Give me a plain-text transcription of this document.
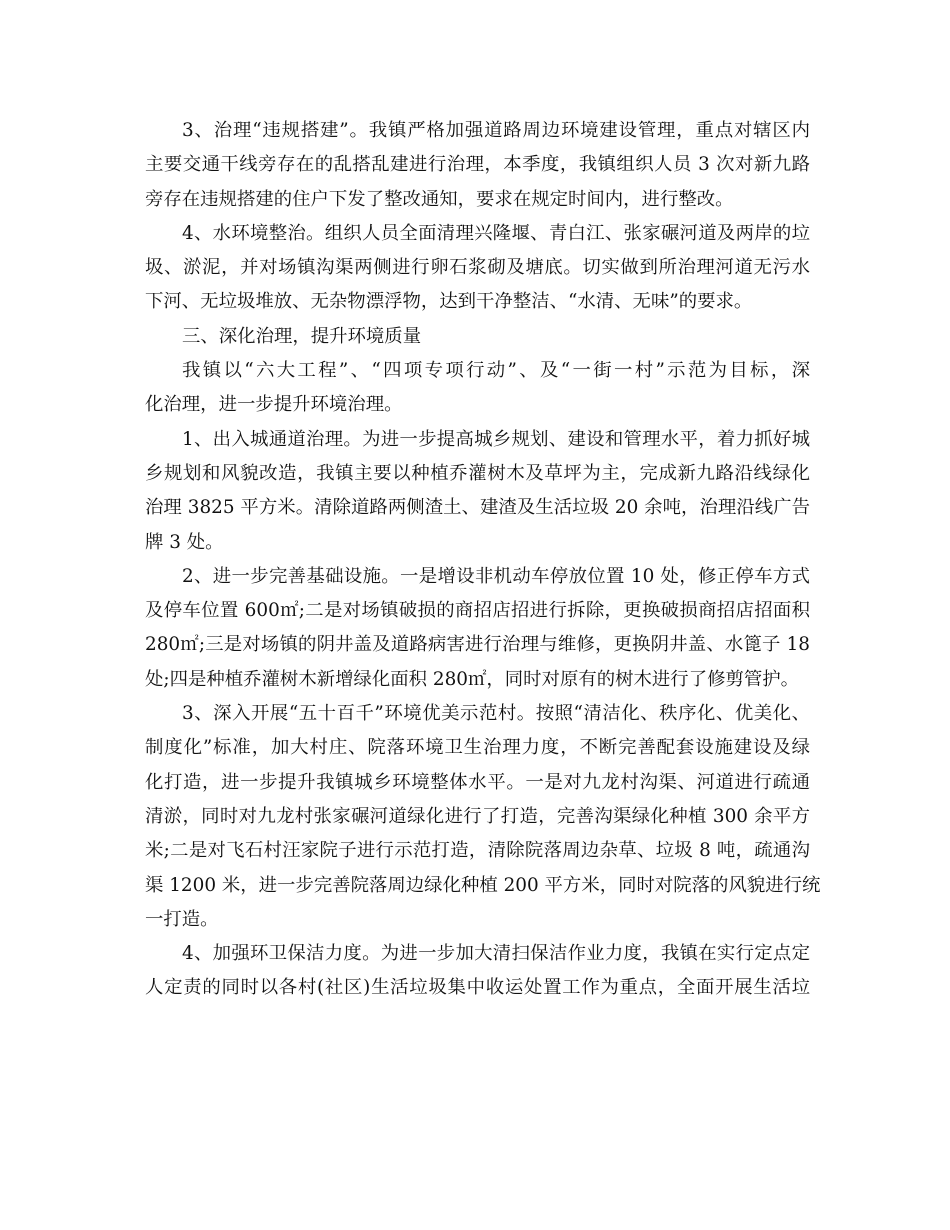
3、治理“违规搭建”。我镇严格加强道路周边环境建设管理，重点对辖区内
主要交通干线旁存在的乱搭乱建进行治理，本季度，我镇组织人员 3 次对新九路
旁存在违规搭建的住户下发了整改通知，要求在规定时间内，进行整改。
4、水环境整治。组织人员全面清理兴隆堰、青白江、张家碾河道及两岸的垃
圾、淤泥，并对场镇沟渠两侧进行卵石浆砌及塘底。切实做到所治理河道无污水
下河、无垃圾堆放、无杂物漂浮物，达到干净整洁、“水清、无味”的要求。
三、深化治理，提升环境质量
我镇以“六大工程”、“四项专项行动”、及“一街一村”示范为目标，深
化治理，进一步提升环境治理。
1、出入城通道治理。为进一步提高城乡规划、建设和管理水平，着力抓好城
乡规划和风貌改造，我镇主要以种植乔灌树木及草坪为主，完成新九路沿线绿化
治理 3825 平方米。清除道路两侧渣土、建渣及生活垃圾 20 余吨，治理沿线广告
牌 3 处。
2、进一步完善基础设施。一是增设非机动车停放位置 10 处，修正停车方式
及停车位置 600㎡;二是对场镇破损的商招店招进行拆除，更换破损商招店招面积
280㎡;三是对场镇的阴井盖及道路病害进行治理与维修，更换阴井盖、水篦子 18
处;四是种植乔灌树木新增绿化面积 280㎡，同时对原有的树木进行了修剪管护。
3、深入开展“五十百千”环境优美示范村。按照“清洁化、秩序化、优美化、
制度化”标准，加大村庄、院落环境卫生治理力度，不断完善配套设施建设及绿
化打造，进一步提升我镇城乡环境整体水平。一是对九龙村沟渠、河道进行疏通
清淤，同时对九龙村张家碾河道绿化进行了打造，完善沟渠绿化种植 300 余平方
米;二是对飞石村汪家院子进行示范打造，清除院落周边杂草、垃圾 8 吨，疏通沟
渠 1200 米，进一步完善院落周边绿化种植 200 平方米，同时对院落的风貌进行统
一打造。
4、加强环卫保洁力度。为进一步加大清扫保洁作业力度，我镇在实行定点定
人定责的同时以各村(社区)生活垃圾集中收运处置工作为重点，全面开展生活垃
